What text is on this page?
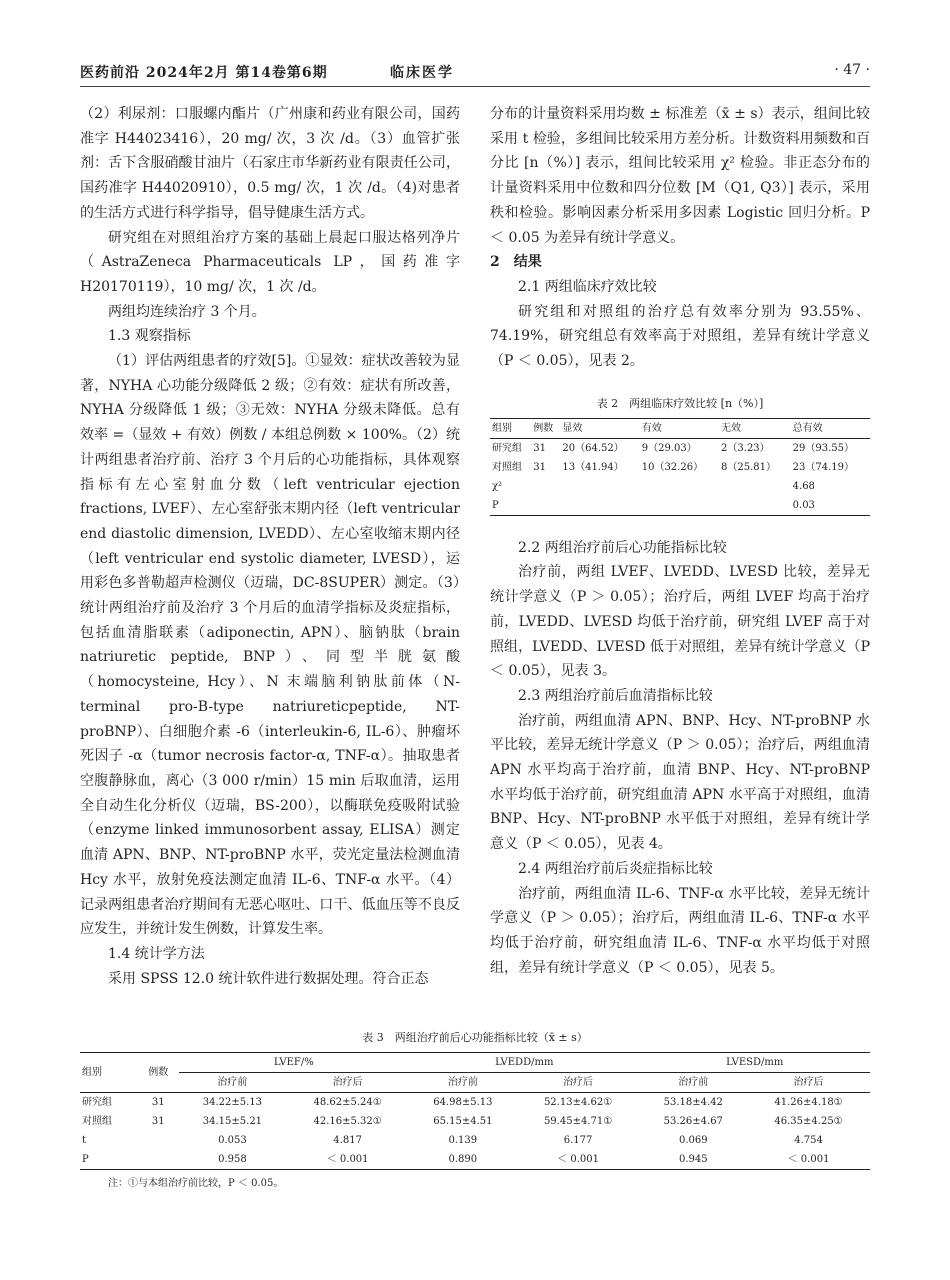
医药前沿 2024年2月 第14卷第6期	临床医学	· 47 ·

（2）利尿剂：口服螺内酯片（广州康和药业有限公司，国药准字 H44023416），20 mg/ 次，3 次 /d。（3）血管扩张剂：舌下含服硝酸甘油片（石家庄市华新药业有限责任公司，国药准字 H44020910），0.5 mg/ 次，1 次 /d。（4)对患者的生活方式进行科学指导，倡导健康生活方式。

研究组在对照组治疗方案的基础上晨起口服达格列净片（AstraZeneca Pharmaceuticals LP，国药准字 H20170119），10 mg/ 次，1 次 /d。

两组均连续治疗 3 个月。

1.3 观察指标

（1）评估两组患者的疗效[5]。①显效：症状改善较为显著，NYHA 心功能分级降低 2 级；②有效：症状有所改善，NYHA 分级降低 1 级；③无效：NYHA 分级未降低。总有效率 =（显效 + 有效）例数 / 本组总例数 × 100%。（2）统计两组患者治疗前、治疗 3 个月后的心功能指标，具体观察指标有左心室射血分数（left ventricular ejection fractions, LVEF）、左心室舒张末期内径（left ventricular end diastolic dimension, LVEDD）、左心室收缩末期内径（left ventricular end systolic diameter, LVESD），运用彩色多普勒超声检测仪（迈瑞，DC-8SUPER）测定。（3）统计两组治疗前及治疗 3 个月后的血清学指标及炎症指标，包括血清脂联素（adiponectin, APN）、脑钠肽（brain natriuretic peptide, BNP）、同型半胱氨酸（homocysteine, Hcy）、N 末端脑利钠肽前体（N-terminal pro-B-type natriureticpeptide, NT-proBNP）、白细胞介素 -6（interleukin-6, IL-6）、肿瘤坏死因子 -α（tumor necrosis factor-α, TNF-α）。抽取患者空腹静脉血，离心（3 000 r/min）15 min 后取血清，运用全自动生化分析仪（迈瑞，BS-200），以酶联免疫吸附试验（enzyme linked immunosorbent assay, ELISA）测定血清 APN、BNP、NT-proBNP 水平，荧光定量法检测血清 Hcy 水平，放射免疫法测定血清 IL-6、TNF-α 水平。（4）记录两组患者治疗期间有无恶心呕吐、口干、低血压等不良反应发生，并统计发生例数，计算发生率。

1.4 统计学方法

采用 SPSS 12.0 统计软件进行数据处理。符合正态

分布的计量资料采用均数 ± 标准差（x̄ ± s）表示，组间比较采用 t 检验，多组间比较采用方差分析。计数资料用频数和百分比 [n（%）] 表示，组间比较采用 χ² 检验。非正态分布的计量资料采用中位数和四分位数 [M（Q1, Q3）] 表示，采用秩和检验。影响因素分析采用多因素 Logistic 回归分析。P ＜ 0.05 为差异有统计学意义。

2　结果

2.1 两组临床疗效比较

研究组和对照组的治疗总有效率分别为 93.55%、74.19%，研究组总有效率高于对照组，差异有统计学意义（P ＜ 0.05），见表 2。

表 2　两组临床疗效比较 [n（%）]
组别	例数	显效	有效	无效	总有效
研究组	31	20（64.52）	9（29.03）	2（3.23）	29（93.55）
对照组	31	13（41.94）	10（32.26）	8（25.81）	23（74.19）
χ²					4.68
P					0.03

2.2 两组治疗前后心功能指标比较

治疗前，两组 LVEF、LVEDD、LVESD 比较，差异无统计学意义（P ＞ 0.05）；治疗后，两组 LVEF 均高于治疗前，LVEDD、LVESD 均低于治疗前，研究组 LVEF 高于对照组，LVEDD、LVESD 低于对照组，差异有统计学意义（P ＜ 0.05），见表 3。

2.3 两组治疗前后血清指标比较

治疗前，两组血清 APN、BNP、Hcy、NT-proBNP 水平比较，差异无统计学意义（P ＞ 0.05）；治疗后，两组血清 APN 水平均高于治疗前，血清 BNP、Hcy、NT-proBNP 水平均低于治疗前，研究组血清 APN 水平高于对照组，血清 BNP、Hcy、NT-proBNP 水平低于对照组，差异有统计学意义（P ＜ 0.05），见表 4。

2.4 两组治疗前后炎症指标比较

治疗前，两组血清 IL-6、TNF-α 水平比较，差异无统计学意义（P ＞ 0.05）；治疗后，两组血清 IL-6、TNF-α 水平均低于治疗前，研究组血清 IL-6、TNF-α 水平均低于对照组，差异有统计学意义（P ＜ 0.05），见表 5。

表 3　两组治疗前后心功能指标比较（x̄ ± s）
组别	例数	LVEF/%		LVEDD/mm		LVESD/mm	
		治疗前	治疗后	治疗前	治疗后	治疗前	治疗后
研究组	31	34.22±5.13	48.62±5.24①	64.98±5.13	52.13±4.62①	53.18±4.42	41.26±4.18①
对照组	31	34.15±5.21	42.16±5.32①	65.15±4.51	59.45±4.71①	53.26±4.67	46.35±4.25①
t		0.053	4.817	0.139	6.177	0.069	4.754
P		0.958	＜ 0.001	0.890	＜ 0.001	0.945	＜ 0.001
注：①与本组治疗前比较，P ＜ 0.05。
